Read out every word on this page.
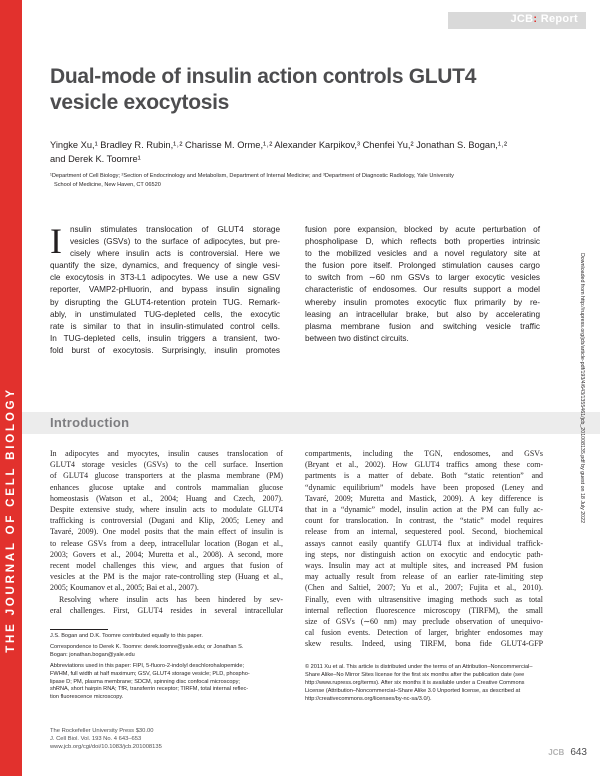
THE JOURNAL OF CELL BIOLOGY
JCB: Report
Dual-mode of insulin action controls GLUT4
vesicle exocytosis
Yingke Xu,¹ Bradley R. Rubin,¹˒² Charisse M. Orme,¹˒² Alexander Karpikov,³ Chenfei Yu,² Jonathan S. Bogan,¹˒²
and Derek K. Toomre¹
¹Department of Cell Biology; ²Section of Endocrinology and Metabolism, Department of Internal Medicine; and ³Department of Diagnostic Radiology, Yale University
School of Medicine, New Haven, CT 06520
I nsulin stimulates translocation of GLUT4 storage
vesicles (GSVs) to the surface of adipocytes, but pre-
cisely where insulin acts is controversial. Here we
quantify the size, dynamics, and frequency of single vesi-
cle exocytosis in 3T3-L1 adipocytes. We use a new GSV
reporter, VAMP2-pHluorin, and bypass insulin signaling
by disrupting the GLUT4-retention protein TUG. Remark-
ably, in unstimulated TUG-depleted cells, the exocytic
rate is similar to that in insulin-stimulated control cells.
In TUG-depleted cells, insulin triggers a transient, two-
fold burst of exocytosis. Surprisingly, insulin promotes
fusion pore expansion, blocked by acute perturbation of
phospholipase D, which reflects both properties intrinsic
to the mobilized vesicles and a novel regulatory site at
the fusion pore itself. Prolonged stimulation causes cargo
to switch from ∼60 nm GSVs to larger exocytic vesicles
characteristic of endosomes. Our results support a model
whereby insulin promotes exocytic flux primarily by re-
leasing an intracellular brake, but also by accelerating
plasma membrane fusion and switching vesicle traffic
between two distinct circuits.
Introduction
In adipocytes and myocytes, insulin causes translocation of
GLUT4 storage vesicles (GSVs) to the cell surface. Insertion
of GLUT4 glucose transporters at the plasma membrane (PM)
enhances glucose uptake and controls mammalian glucose
homeostasis (Watson et al., 2004; Huang and Czech, 2007).
Despite extensive study, where insulin acts to modulate GLUT4
trafficking is controversial (Dugani and Klip, 2005; Leney and
Tavaré, 2009). One model posits that the main effect of insulin is
to release GSVs from a deep, intracellular location (Bogan et al.,
2003; Govers et al., 2004; Muretta et al., 2008). A second, more
recent model challenges this view, and argues that fusion of
vesicles at the PM is the major rate-controlling step (Huang et al.,
2005; Koumanov et al., 2005; Bai et al., 2007).
Resolving where insulin acts has been hindered by sev-
eral challenges. First, GLUT4 resides in several intracellular
compartments, including the TGN, endosomes, and GSVs
(Bryant et al., 2002). How GLUT4 traffics among these com-
partments is a matter of debate. Both “static retention” and
“dynamic equilibrium” models have been proposed (Leney and
Tavaré, 2009; Muretta and Mastick, 2009). A key difference is
that in a “dynamic” model, insulin action at the PM can fully ac-
count for translocation. In contrast, the “static” model requires
release from an internal, sequestered pool. Second, biochemical
assays cannot easily quantify GLUT4 flux at individual traffick-
ing steps, nor distinguish action on exocytic and endocytic path-
ways. Insulin may act at multiple sites, and increased PM fusion
may actually result from release of an earlier rate-limiting step
(Chen and Saltiel, 2007; Yu et al., 2007; Fujita et al., 2010).
Finally, even with ultrasensitive imaging methods such as total
internal reflection fluorescence microscopy (TIRFM), the small
size of GSVs (∼60 nm) may preclude observation of unequivo-
cal fusion events. Detection of larger, brighter endosomes may
skew results. Indeed, using TIRFM, bona fide GLUT4-GFP
J.S. Bogan and D.K. Toomre contributed equally to this paper.
Correspondence to Derek K. Toomre: derek.toomre@yale.edu; or Jonathan S.
Bogan: jonathan.bogan@yale.edu
Abbreviations used in this paper: FIPI, 5-fluoro-2-indolyl deschlorohalopemide;
FWHM, full width at half maximum; GSV, GLUT4 storage vesicle; PLD, phospho-
lipase D; PM, plasma membrane; SDCM, spinning disc confocal microscopy;
shRNA, short hairpin RNA; TfR, transferrin receptor; TIRFM, total internal reflec-
tion fluorescence microscopy.
© 2011 Xu et al. This article is distributed under the terms of an Attribution–Noncommercial–
Share Alike–No Mirror Sites license for the first six months after the publication date (see
http://www.rupress.org/terms). After six months it is available under a Creative Commons
License (Attribution–Noncommercial–Share Alike 3.0 Unported license, as described at
http://creativecommons.org/licenses/by-nc-sa/3.0/).
The Rockefeller University Press $30.00
J. Cell Biol. Vol. 193 No. 4 643–653
www.jcb.org/cgi/doi/10.1083/jcb.201008135
JCB 643
Downloaded from http://rupress.org/jcb/article-pdf/193/4/643/1355461/jcb_201008135.pdf by guest on 18 July 2022
